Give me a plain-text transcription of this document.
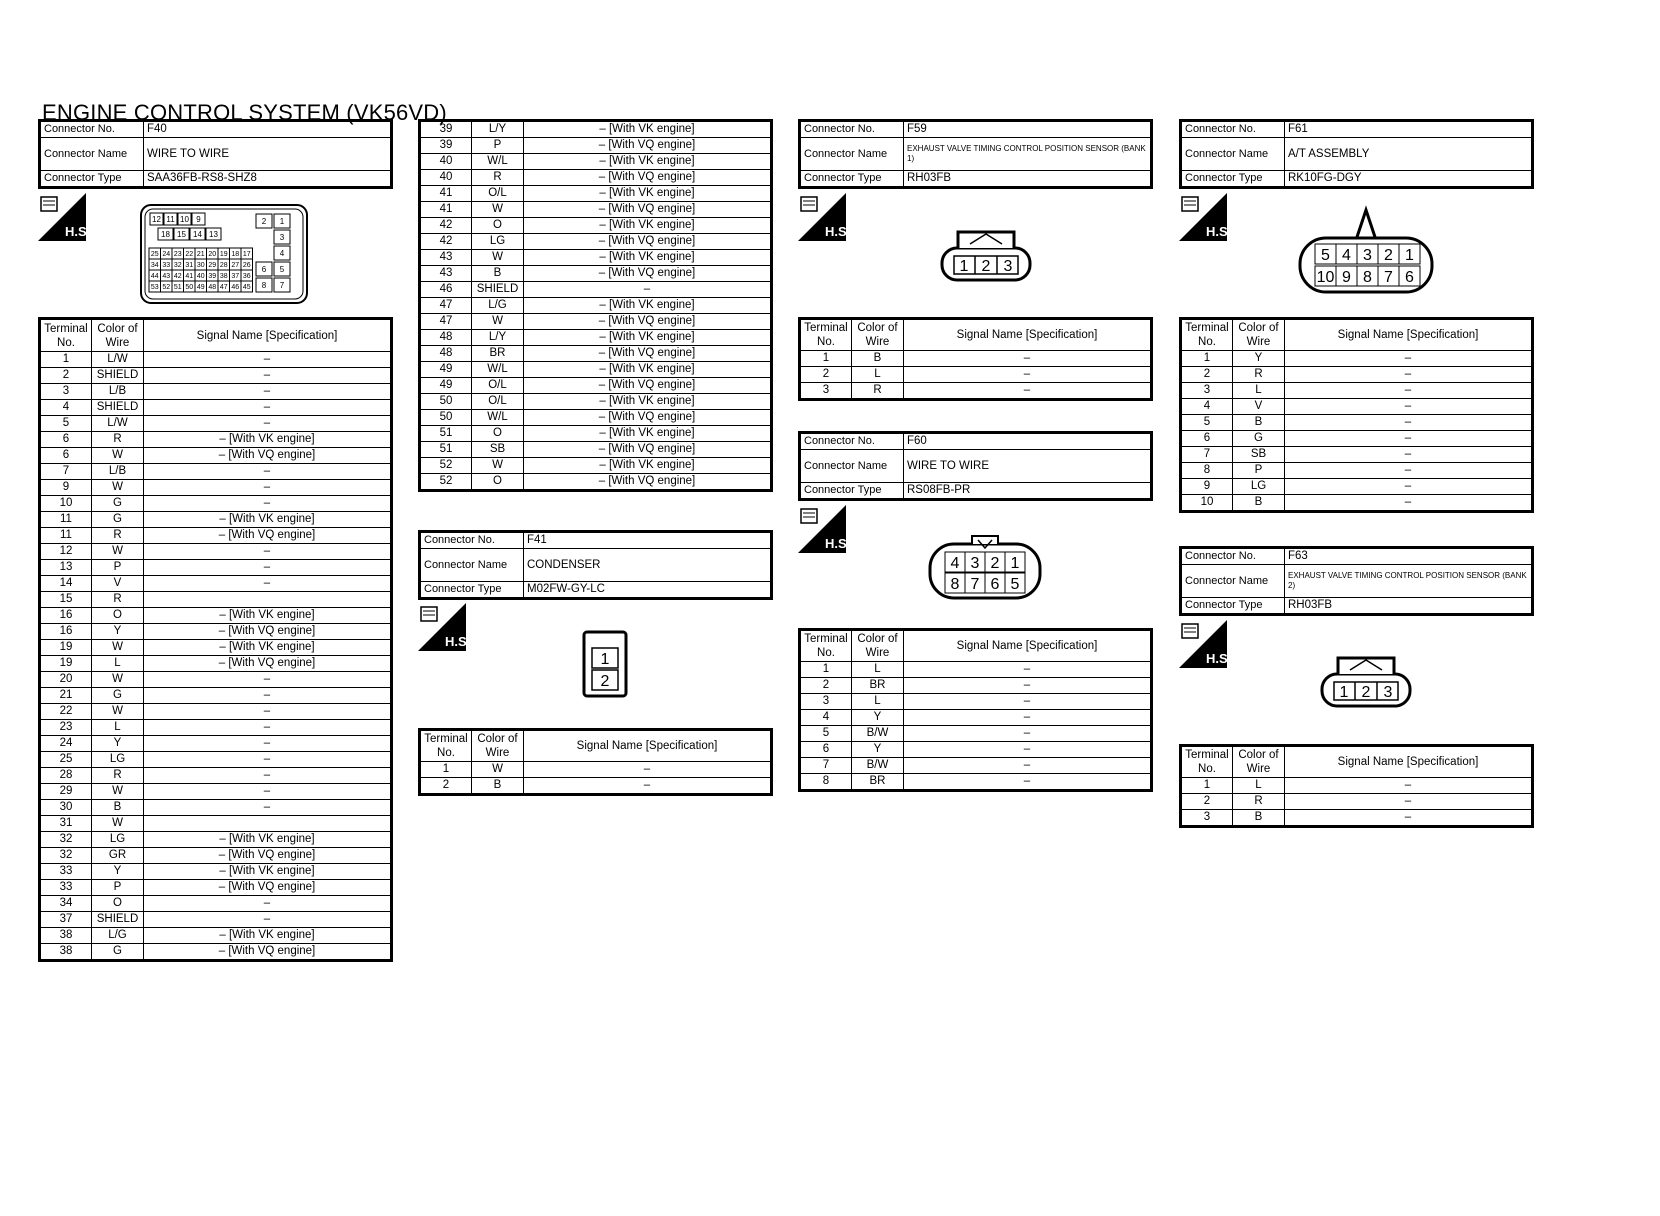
ENGINE CONTROL SYSTEM (VK56VD)
Connector No.	F40
Connector Name	WIRE TO WIRE
Connector Type	SAA36FB-RS8-SHZ8
H.S.
12 11 10 9
18 15 14 13
2 1
3
4
6 5
8 7
25 24 23 22 21 20 19 18 17
34 33 32 31 30 29 28 27 26
44 43 42 41 40 39 38 37 36
53 52 51 50 49 48 47 46 45
Terminal No.	Color of Wire	Signal Name [Specification]
1	L/W	–
2	SHIELD	–
3	L/B	–
4	SHIELD	–
5	L/W	–
6	R	– [With VK engine]
6	W	– [With VQ engine]
7	L/B	–
9	W	–
10	G	–
11	G	– [With VK engine]
11	R	– [With VQ engine]
12	W	–
13	P	–
14	V	–
15	R	
16	O	– [With VK engine]
16	Y	– [With VQ engine]
19	W	– [With VK engine]
19	L	– [With VQ engine]
20	W	–
21	G	–
22	W	–
23	L	–
24	Y	–
25	LG	–
28	R	–
29	W	–
30	B	–
31	W	
32	LG	– [With VK engine]
32	GR	– [With VQ engine]
33	Y	– [With VK engine]
33	P	– [With VQ engine]
34	O	–
37	SHIELD	–
38	L/G	– [With VK engine]
38	G	– [With VQ engine]
39	L/Y	– [With VK engine]
39	P	– [With VQ engine]
40	W/L	– [With VK engine]
40	R	– [With VQ engine]
41	O/L	– [With VK engine]
41	W	– [With VQ engine]
42	O	– [With VK engine]
42	LG	– [With VQ engine]
43	W	– [With VK engine]
43	B	– [With VQ engine]
46	SHIELD	–
47	L/G	– [With VK engine]
47	W	– [With VQ engine]
48	L/Y	– [With VK engine]
48	BR	– [With VQ engine]
49	W/L	– [With VK engine]
49	O/L	– [With VQ engine]
50	O/L	– [With VK engine]
50	W/L	– [With VQ engine]
51	O	– [With VK engine]
51	SB	– [With VQ engine]
52	W	– [With VK engine]
52	O	– [With VQ engine]
Connector No.	F41
Connector Name	CONDENSER
Connector Type	M02FW-GY-LC
H.S.
1
2
Terminal No.	Color of Wire	Signal Name [Specification]
1	W	–
2	B	–
Connector No.	F59
Connector Name	EXHAUST VALVE TIMING CONTROL POSITION SENSOR (BANK 1)
Connector Type	RH03FB
H.S.
1 2 3
Terminal No.	Color of Wire	Signal Name [Specification]
1	B	–
2	L	–
3	R	–
Connector No.	F60
Connector Name	WIRE TO WIRE
Connector Type	RS08FB-PR
H.S.
4 3 2 1
8 7 6 5
Terminal No.	Color of Wire	Signal Name [Specification]
1	L	–
2	BR	–
3	L	–
4	Y	–
5	B/W	–
6	Y	–
7	B/W	–
8	BR	–
Connector No.	F61
Connector Name	A/T ASSEMBLY
Connector Type	RK10FG-DGY
H.S.
5 4 3 2 1
10 9 8 7 6
Terminal No.	Color of Wire	Signal Name [Specification]
1	Y	–
2	R	–
3	L	–
4	V	–
5	B	–
6	G	–
7	SB	–
8	P	–
9	LG	–
10	B	–
Connector No.	F63
Connector Name	EXHAUST VALVE TIMING CONTROL POSITION SENSOR (BANK 2)
Connector Type	RH03FB
H.S.
1 2 3
Terminal No.	Color of Wire	Signal Name [Specification]
1	L	–
2	R	–
3	B	–
